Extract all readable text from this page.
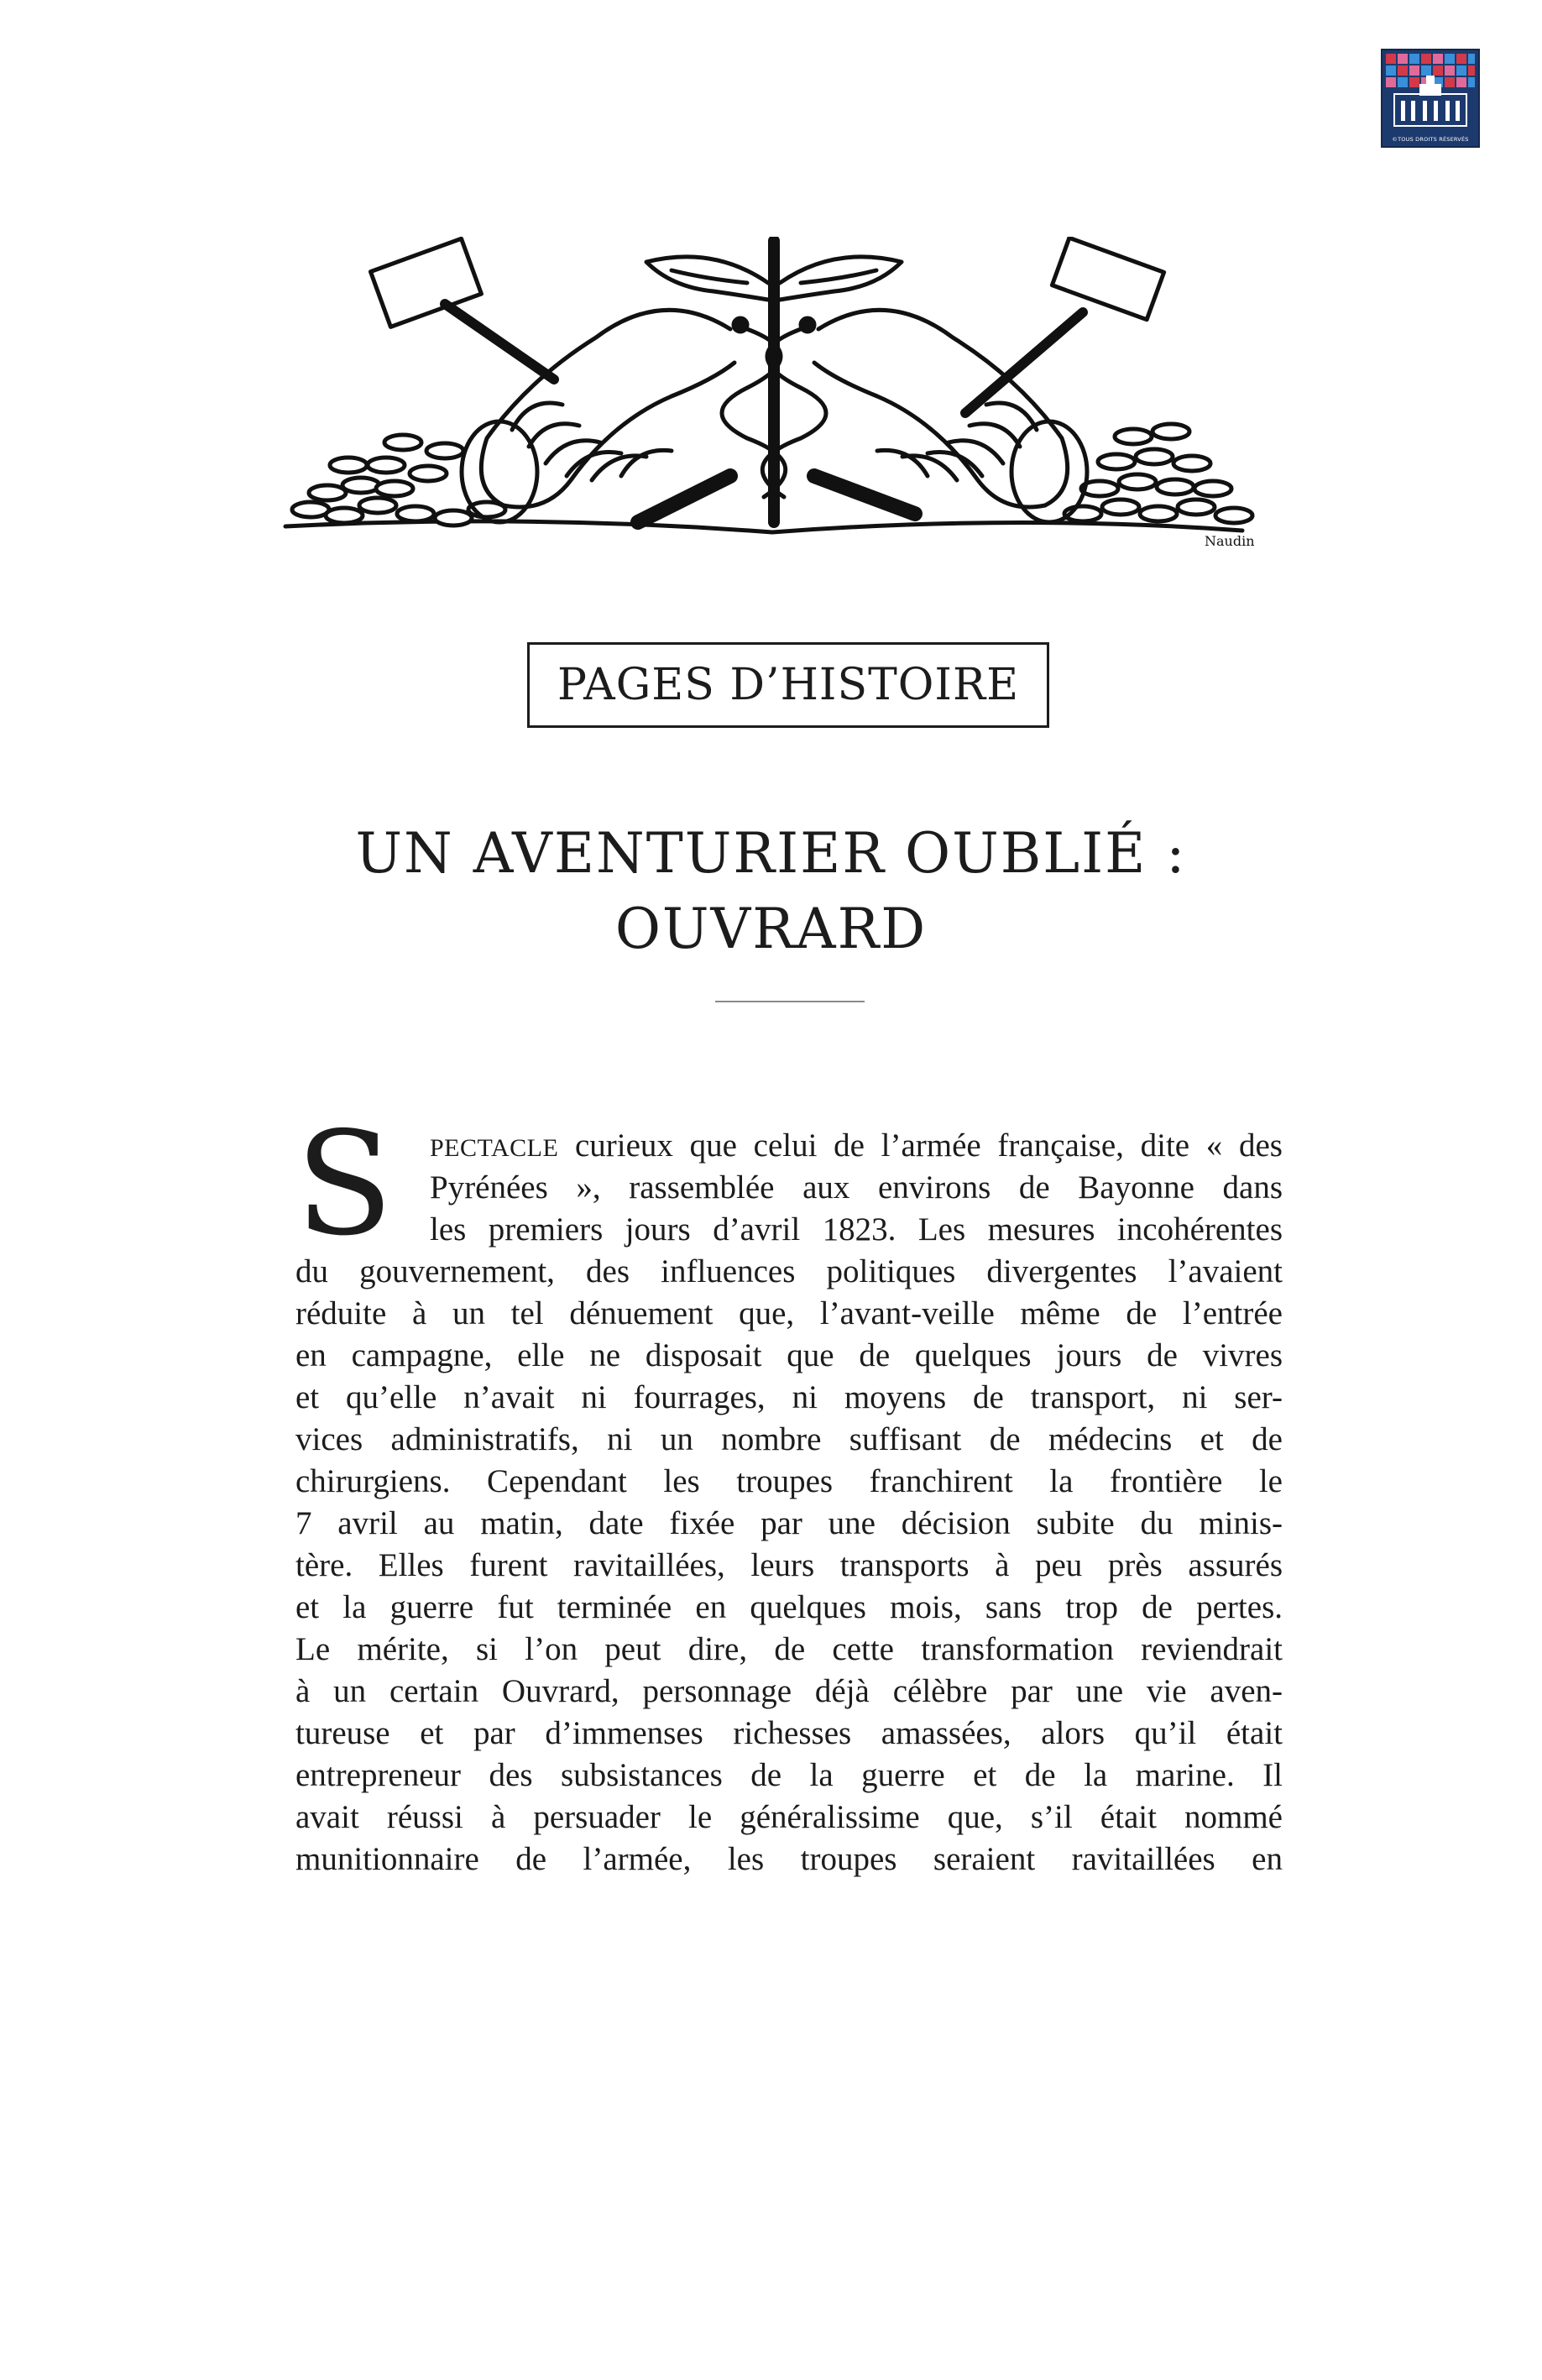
©TOUS DROITS RÉSERVÉS
Naudin
PAGES D’HISTOIRE
UN AVENTURIER OUBLIÉ :
OUVRARD
S PECTACLE curieux que celui de l’armée française, dite « des
Pyrénées », rassemblée aux environs de Bayonne dans
les premiers jours d’avril 1823. Les mesures incohérentes
du gouvernement, des influences politiques divergentes l’avaient
réduite à un tel dénuement que, l’avant-veille même de l’entrée
en campagne, elle ne disposait que de quelques jours de vivres
et qu’elle n’avait ni fourrages, ni moyens de transport, ni ser-
vices administratifs, ni un nombre suffisant de médecins et de
chirurgiens. Cependant les troupes franchirent la frontière le
7 avril au matin, date fixée par une décision subite du minis-
tère. Elles furent ravitaillées, leurs transports à peu près assurés
et la guerre fut terminée en quelques mois, sans trop de pertes.
Le mérite, si l’on peut dire, de cette transformation reviendrait
à un certain Ouvrard, personnage déjà célèbre par une vie aven-
tureuse et par d’immenses richesses amassées, alors qu’il était
entrepreneur des subsistances de la guerre et de la marine. Il
avait réussi à persuader le généralissime que, s’il était nommé
munitionnaire de l’armée, les troupes seraient ravitaillées en
